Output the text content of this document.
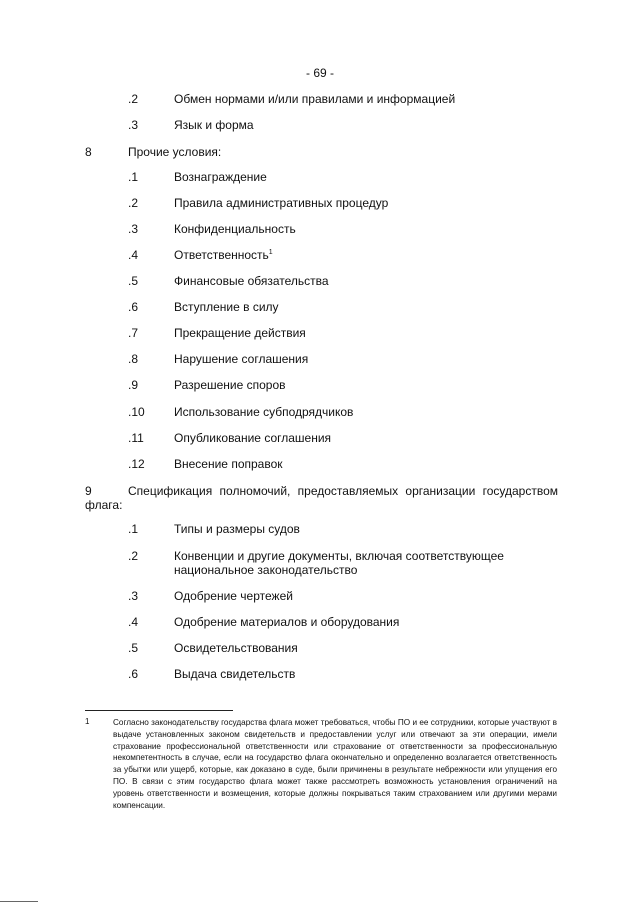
- 69 -
.2	Обмен нормами и/или правилами и информацией
.3	Язык и форма
8	Прочие условия:
.1	Вознаграждение
.2	Правила административных процедур
.3	Конфиденциальность
.4	Ответственность$^1$
.5	Финансовые обязательства
.6	Вступление в силу
.7	Прекращение действия
.8	Нарушение соглашения
.9	Разрешение споров
.10 Использование субподрядчиков
.11	Опубликование соглашения
.12 Внесение поправок
9	Спецификация полномочий, предоставляемых организации государством
флага:
.1	Типы и размеры судов
.2	Конвенции и другие документы, включая соответствующее национальное законодательство
.3	Одобрение чертежей
.4	Одобрение материалов и оборудования
.5	Освидетельствования
.6	Выдача свидетельств
1	Согласно законодательству государства флага может требоваться, чтобы ПО и ее сотрудники, которые участвуют в выдаче установленных законом свидетельств и предоставлении услуг или отвечают за эти операции, имели страхование профессиональной ответственности или страхование от ответственности за профессиональную некомпетентность в случае, если на государство флага окончательно и определенно возлагается ответственность за убытки или ущерб, которые, как доказано в суде, были причинены в результате небрежности или упущения его ПО. В связи с этим государство флага может также рассмотреть возможность установления ограничений на уровень ответственности и возмещения, которые должны покрываться таким страхованием или другими мерами компенсации.
